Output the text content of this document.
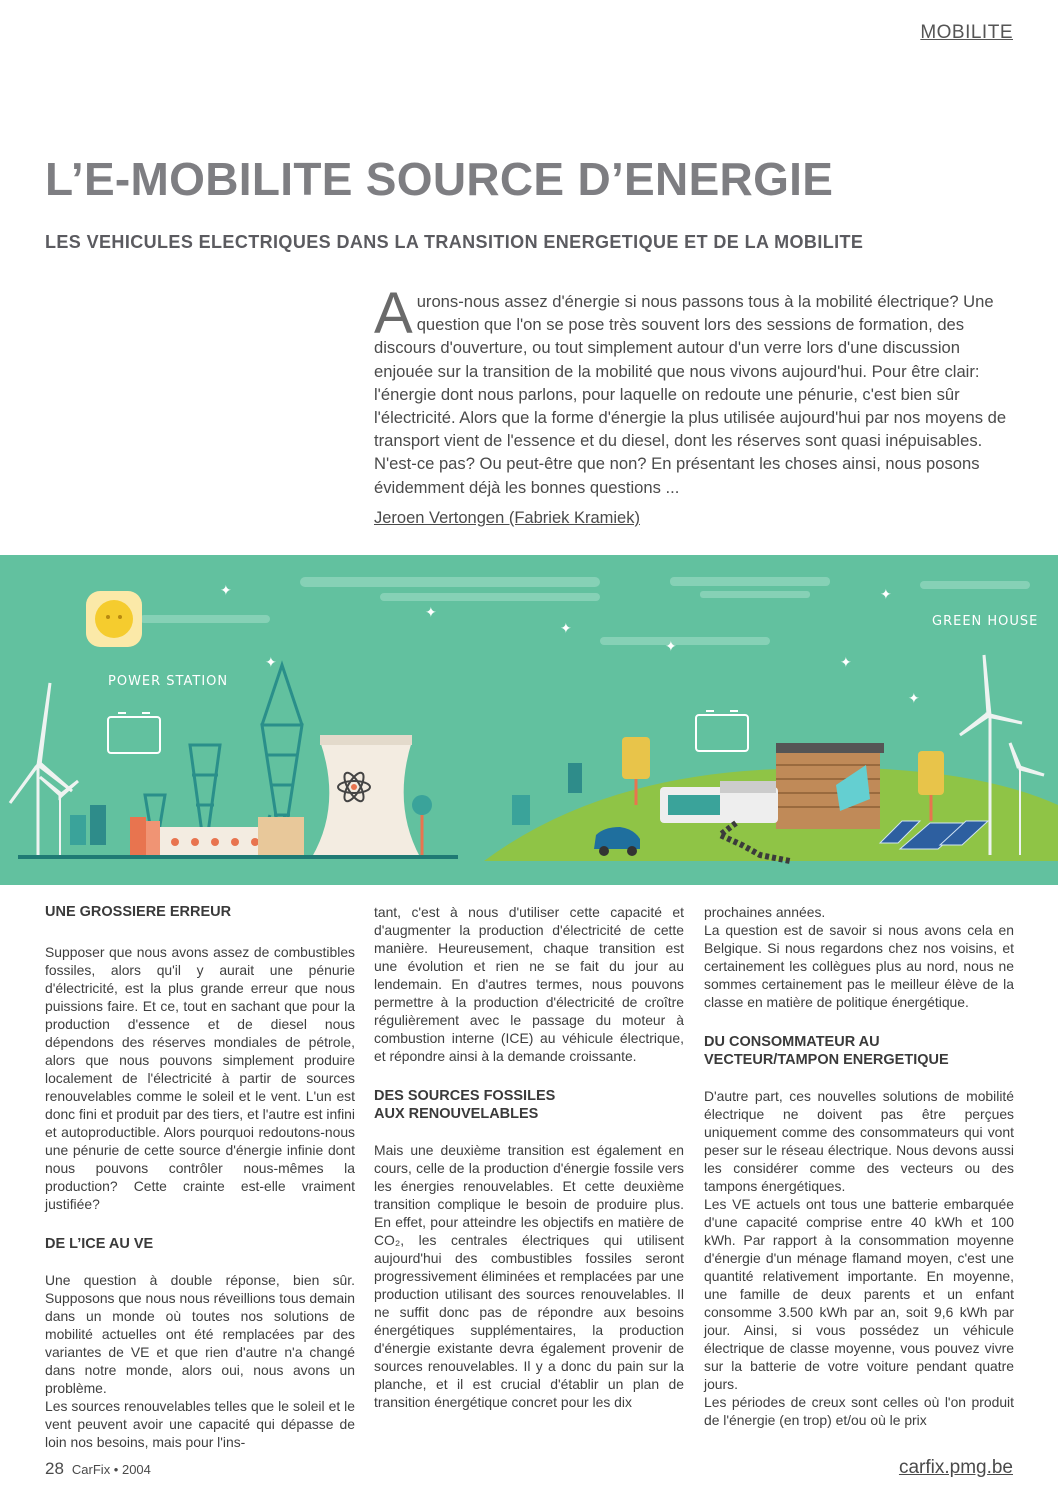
MOBILITE
L’E-MOBILITE SOURCE D’ENERGIE
LES VEHICULES ELECTRIQUES DANS LA TRANSITION ENERGETIQUE ET DE LA MOBILITE

Aurons-nous assez d'énergie si nous passons tous à la mobilité électrique? Une question que l'on se pose très souvent lors des sessions de formation, des discours d'ouverture, ou tout simplement autour d'un verre lors d'une discussion enjouée sur la transition de la mobilité que nous vivons aujourd'hui. Pour être clair: l'énergie dont nous parlons, pour laquelle on redoute une pénurie, c'est bien sûr l'électricité. Alors que la forme d'énergie la plus utilisée aujourd'hui par nos moyens de transport vient de l'essence et du diesel, dont les réserves sont quasi inépuisables. N'est-ce pas? Ou peut-être que non? En présentant les choses ainsi, nous posons évidemment déjà les bonnes questions ...

Jeroen Vertongen (Fabriek Kramiek)
✦	✦
✦
✦
✦	✦
✦
✦
POWER STATION
GREEN HOUSE
UNE GROSSIERE ERREUR

Supposer que nous avons assez de combustibles fossiles, alors qu'il y aurait une pénurie d'électricité, est la plus grande erreur que nous puissions faire. Et ce, tout en sachant que pour la production d'essence et de diesel nous dépendons des réserves mondiales de pétrole, alors que nous pouvons simplement produire localement de l'électricité à partir de sources renouvelables comme le soleil et le vent. L'un est donc fini et produit par des tiers, et l'autre est infini et autoproductible. Alors pourquoi redoutons-nous une pénurie de cette source d'énergie infinie dont nous pouvons contrôler nous-mêmes la production? Cette crainte est-elle vraiment justifiée?

DE L’ICE AU VE

Une question à double réponse, bien sûr. Supposons que nous nous réveillions tous demain dans un monde où toutes nos solutions de mobilité actuelles ont été remplacées par des variantes de VE et que rien d'autre n'a changé dans notre monde, alors oui, nous avons un problème.

Les sources renouvelables telles que le soleil et le vent peuvent avoir une capacité qui dépasse de loin nos besoins, mais pour l'ins-

tant, c'est à nous d'utiliser cette capacité et d'augmenter la production d'électricité de cette manière. Heureusement, chaque transition est une évolution et rien ne se fait du jour au lendemain. En d'autres termes, nous pouvons permettre à la production d'électricité de croître régulièrement avec le passage du moteur à combustion interne (ICE) au véhicule électrique, et répondre ainsi à la demande croissante.

DES SOURCES FOSSILES
AUX RENOUVELABLES

Mais une deuxième transition est également en cours, celle de la production d'énergie fossile vers les énergies renouvelables. Et cette deuxième transition complique le besoin de produire plus. En effet, pour atteindre les objectifs en matière de CO₂, les centrales électriques qui utilisent aujourd'hui des combustibles fossiles seront progressivement éliminées et remplacées par une production utilisant des sources renouvelables. Il ne suffit donc pas de répondre aux besoins énergétiques supplémentaires, la production d'énergie existante devra également provenir de sources renouvelables. Il y a donc du pain sur la planche, et il est crucial d'établir un plan de transition énergétique concret pour les dix

prochaines années.

La question est de savoir si nous avons cela en Belgique. Si nous regardons chez nos voisins, et certainement les collègues plus au nord, nous ne sommes certainement pas le meilleur élève de la classe en matière de politique énergétique.

DU CONSOMMATEUR AU
VECTEUR/TAMPON ENERGETIQUE

D'autre part, ces nouvelles solutions de mobilité électrique ne doivent pas être perçues uniquement comme des consommateurs qui vont peser sur le réseau électrique. Nous devons aussi les considérer comme des vecteurs ou des tampons énergétiques.

Les VE actuels ont tous une batterie embarquée d'une capacité comprise entre 40 kWh et 100 kWh. Par rapport à la consommation moyenne d'énergie d'un ménage flamand moyen, c'est une quantité relativement importante. En moyenne, une famille de deux parents et un enfant consomme 3.500 kWh par an, soit 9,6 kWh par jour. Ainsi, si vous possédez un véhicule électrique de classe moyenne, vous pouvez vivre sur la batterie de votre voiture pendant quatre jours.

Les périodes de creux sont celles où l'on produit de l'énergie (en trop) et/ou où le prix

28 CarFix • 2004	carfix.pmg.be
